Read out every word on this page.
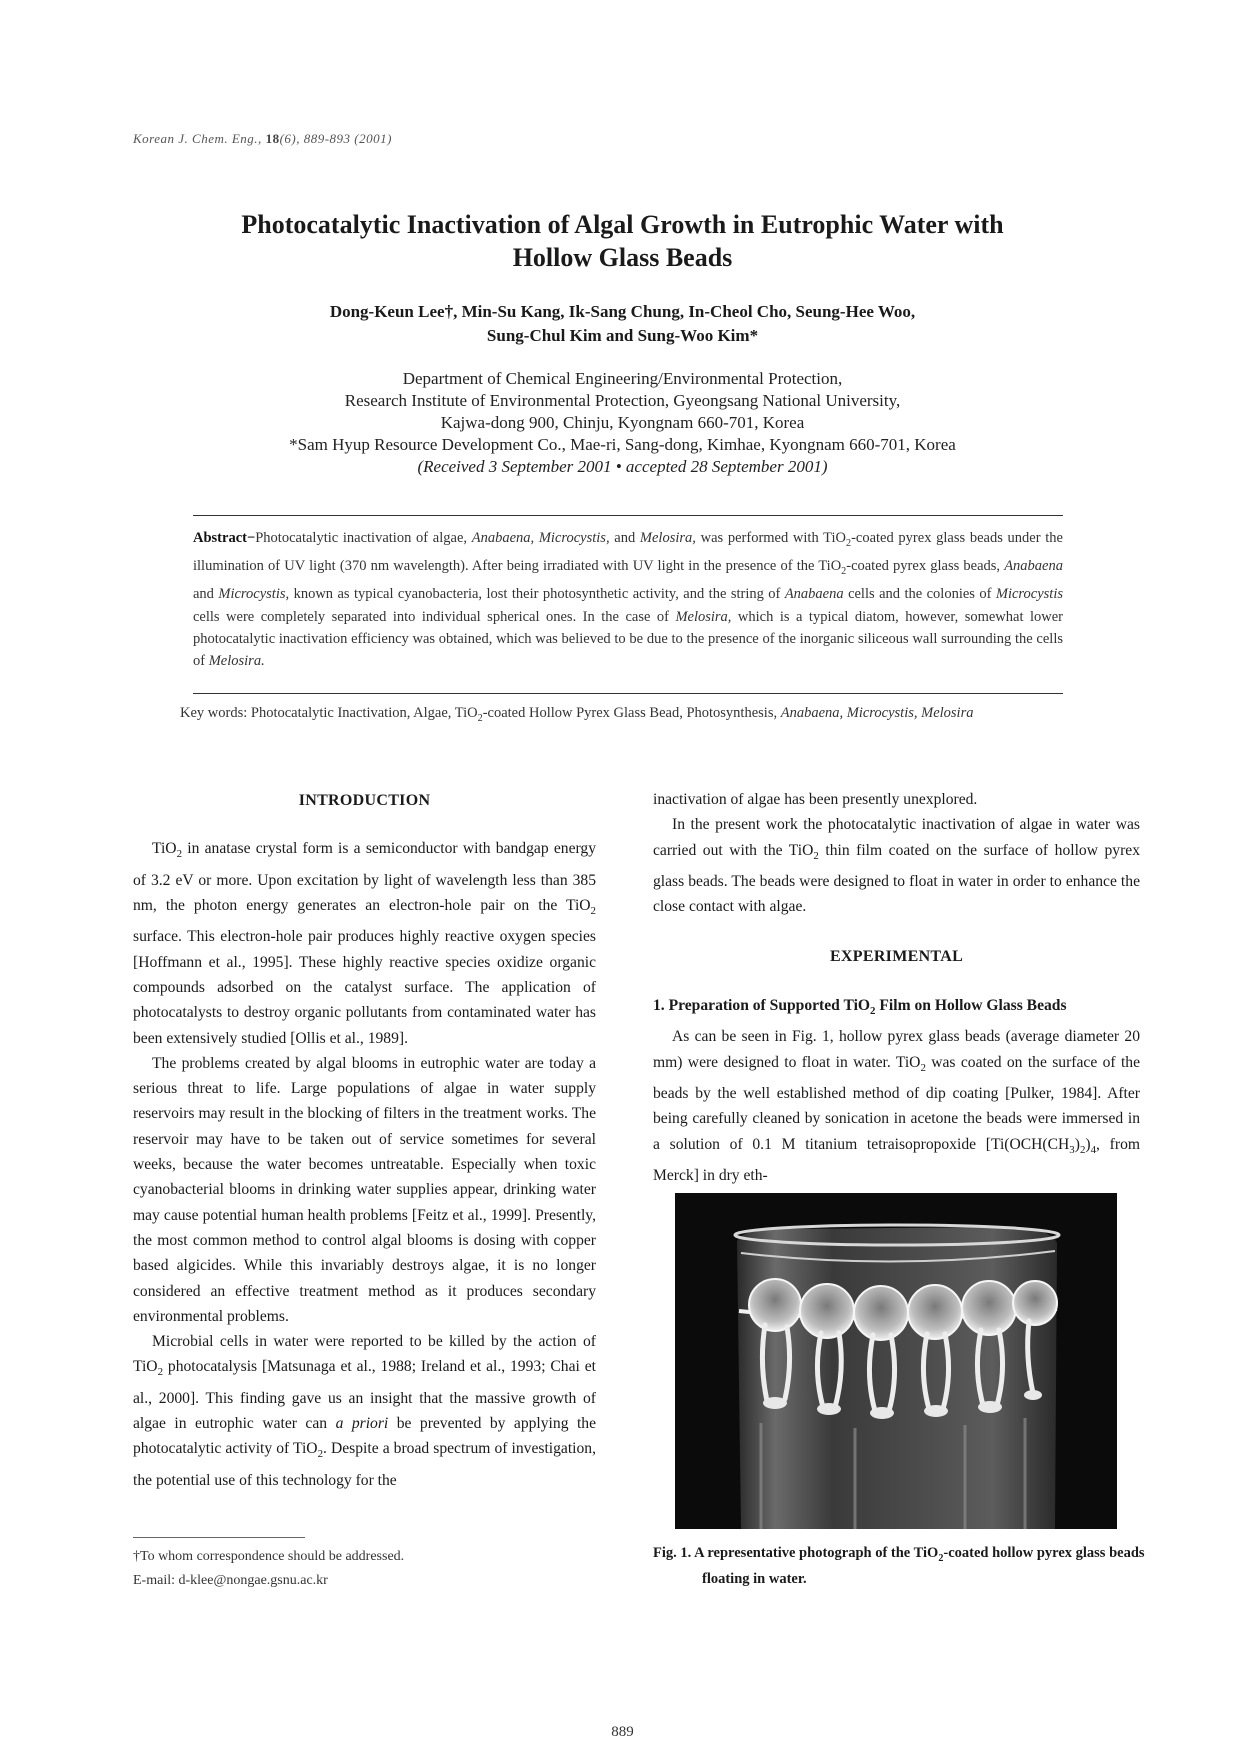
Korean J. Chem. Eng., 18(6), 889-893 (2001)
Photocatalytic Inactivation of Algal Growth in Eutrophic Water with
Hollow Glass Beads
Dong-Keun Lee†, Min-Su Kang, Ik-Sang Chung, In-Cheol Cho, Seung-Hee Woo,
Sung-Chul Kim and Sung-Woo Kim*
Department of Chemical Engineering/Environmental Protection,
Research Institute of Environmental Protection, Gyeongsang National University,
Kajwa-dong 900, Chinju, Kyongnam 660-701, Korea
*Sam Hyup Resource Development Co., Mae-ri, Sang-dong, Kimhae, Kyongnam 660-701, Korea
(Received 3 September 2001 • accepted 28 September 2001)
Abstract−Photocatalytic inactivation of algae, Anabaena, Microcystis, and Melosira, was performed with TiO$_2$-coated pyrex glass beads under the illumination of UV light (370 nm wavelength). After being irradiated with UV light in the presence of the TiO$_2$-coated pyrex glass beads, Anabaena and Microcystis, known as typical cyanobacteria, lost their photosynthetic activity, and the string of Anabaena cells and the colonies of Microcystis cells were completely separated into individual spherical ones. In the case of Melosira, which is a typical diatom, however, somewhat lower photocatalytic inactivation efficiency was obtained, which was believed to be due to the presence of the inorganic siliceous wall surrounding the cells of Melosira.
Key words: Photocatalytic Inactivation, Algae, TiO$_2$-coated Hollow Pyrex Glass Bead, Photosynthesis, Anabaena, Microcystis, Melosira
INTRODUCTION

TiO$_2$ in anatase crystal form is a semiconductor with bandgap energy of 3.2 eV or more. Upon excitation by light of wavelength less than 385 nm, the photon energy generates an electron-hole pair on the TiO$_2$ surface. This electron-hole pair produces highly reactive oxygen species [Hoffmann et al., 1995]. These highly reactive species oxidize organic compounds adsorbed on the catalyst surface. The application of photocatalysts to destroy organic pollutants from contaminated water has been extensively studied [Ollis et al., 1989].

The problems created by algal blooms in eutrophic water are today a serious threat to life. Large populations of algae in water supply reservoirs may result in the blocking of filters in the treatment works. The reservoir may have to be taken out of service sometimes for several weeks, because the water becomes untreatable. Especially when toxic cyanobacterial blooms in drinking water supplies appear, drinking water may cause potential human health problems [Feitz et al., 1999]. Presently, the most common method to control algal blooms is dosing with copper based algicides. While this invariably destroys algae, it is no longer considered an effective treatment method as it produces secondary environmental problems.

Microbial cells in water were reported to be killed by the action of TiO$_2$ photocatalysis [Matsunaga et al., 1988; Ireland et al., 1993; Chai et al., 2000]. This finding gave us an insight that the massive growth of algae in eutrophic water can a priori be prevented by applying the photocatalytic activity of TiO$_2$. Despite a broad spectrum of investigation, the potential use of this technology for the

inactivation of algae has been presently unexplored.

In the present work the photocatalytic inactivation of algae in water was carried out with the TiO$_2$ thin film coated on the surface of hollow pyrex glass beads. The beads were designed to float in water in order to enhance the close contact with algae.

EXPERIMENTAL
1. Preparation of Supported TiO$_2$ Film on Hollow Glass Beads

As can be seen in Fig. 1, hollow pyrex glass beads (average diameter 20 mm) were designed to float in water. TiO$_2$ was coated on the surface of the beads by the well established method of dip coating [Pulker, 1984]. After being carefully cleaned by sonication in acetone the beads were immersed in a solution of 0.1 M titanium tetraisopropoxide [$Ti(OCH(CH_3)_2)_4$, from Merck] in dry eth-

Fig. 1. A representative photograph of the TiO$_2$-coated hollow pyrex glass beads floating in water.
†To whom correspondence should be addressed.
E-mail: d-klee@nongae.gsnu.ac.kr
889
